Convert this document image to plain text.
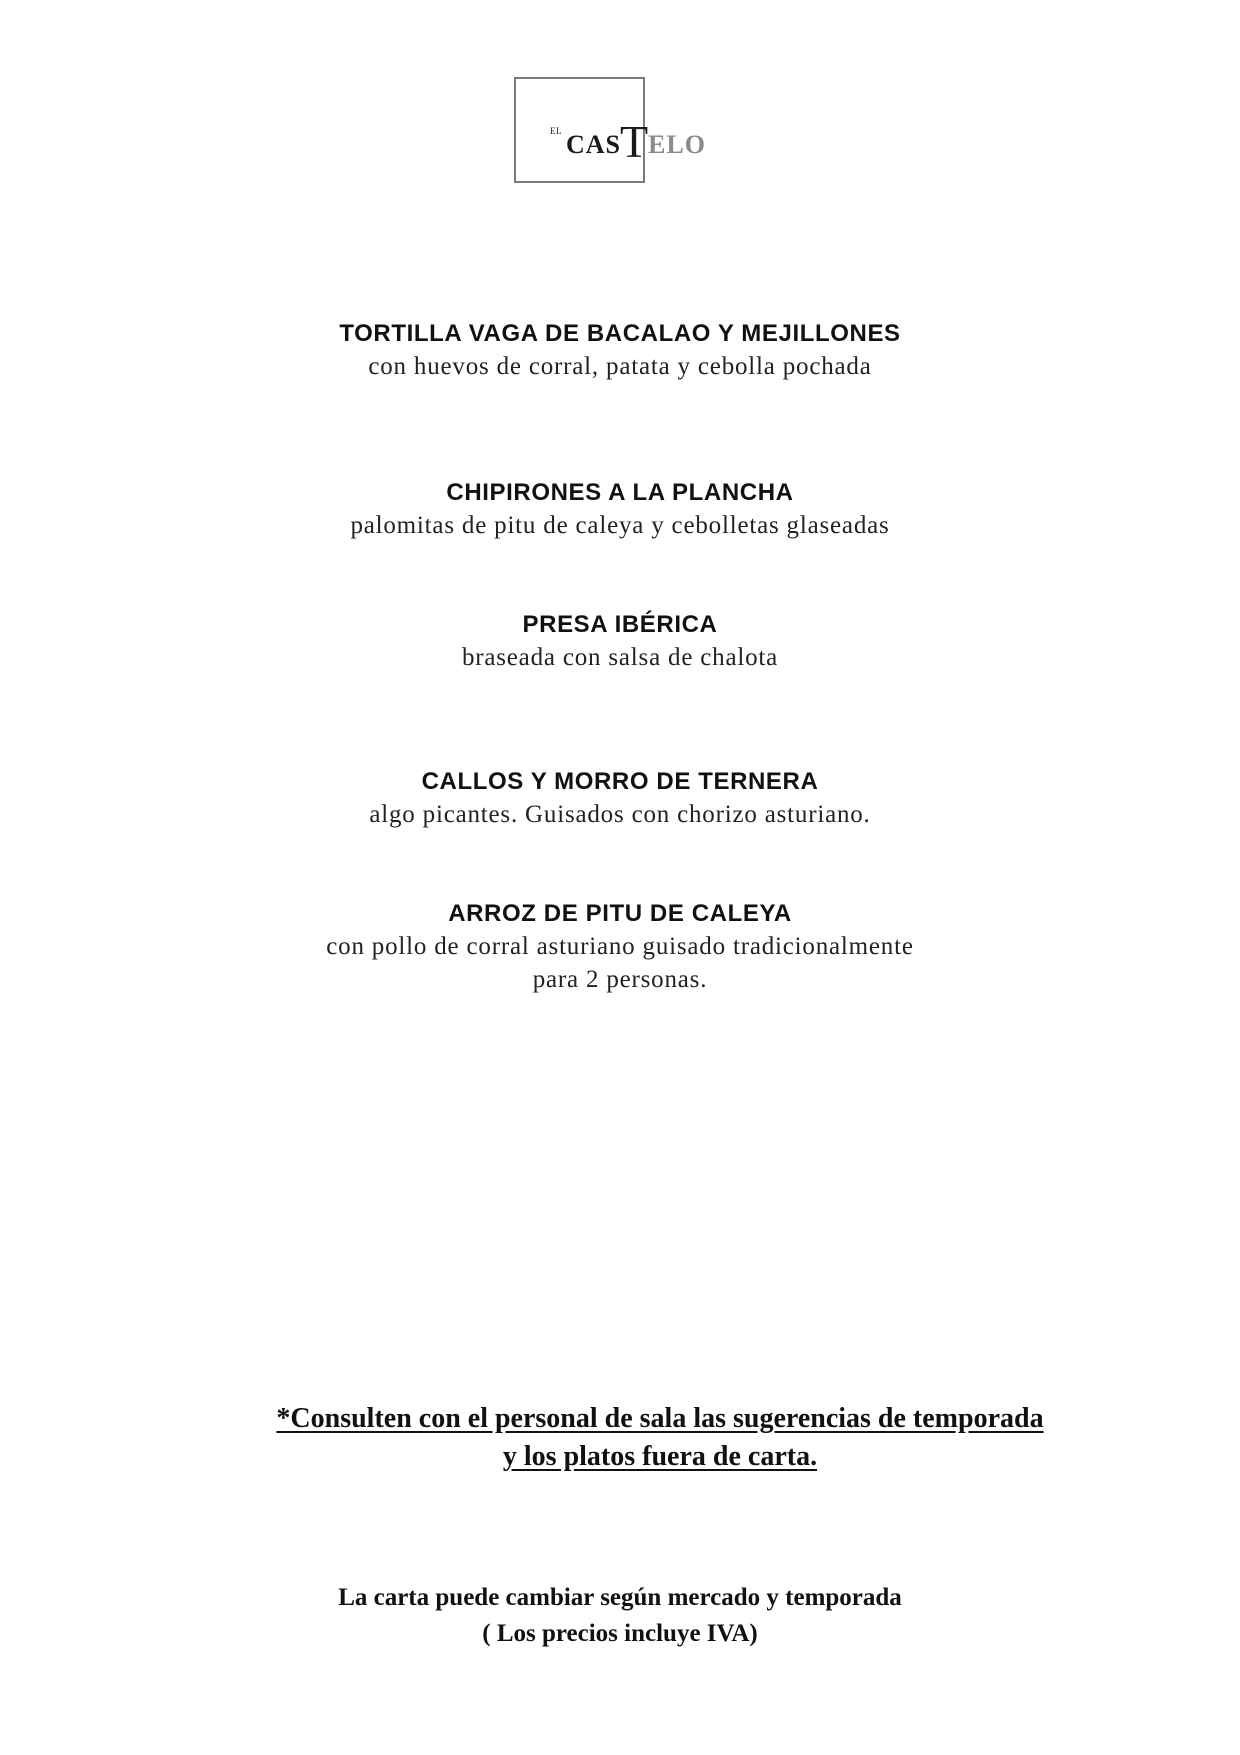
EL CASTELO
TORTILLA VAGA DE BACALAO Y MEJILLONES
con huevos de corral, patata y cebolla pochada
CHIPIRONES A LA PLANCHA
palomitas de pitu de caleya y cebolletas glaseadas
PRESA IBÉRICA
braseada con salsa de chalota
CALLOS Y MORRO DE TERNERA
algo picantes. Guisados con chorizo asturiano.
ARROZ DE PITU DE CALEYA
con pollo de corral asturiano guisado tradicionalmente
para 2 personas.
*Consulten con el personal de sala las sugerencias de temporada
y los platos fuera de carta.
La carta puede cambiar según mercado y temporada
( Los precios incluye IVA)
